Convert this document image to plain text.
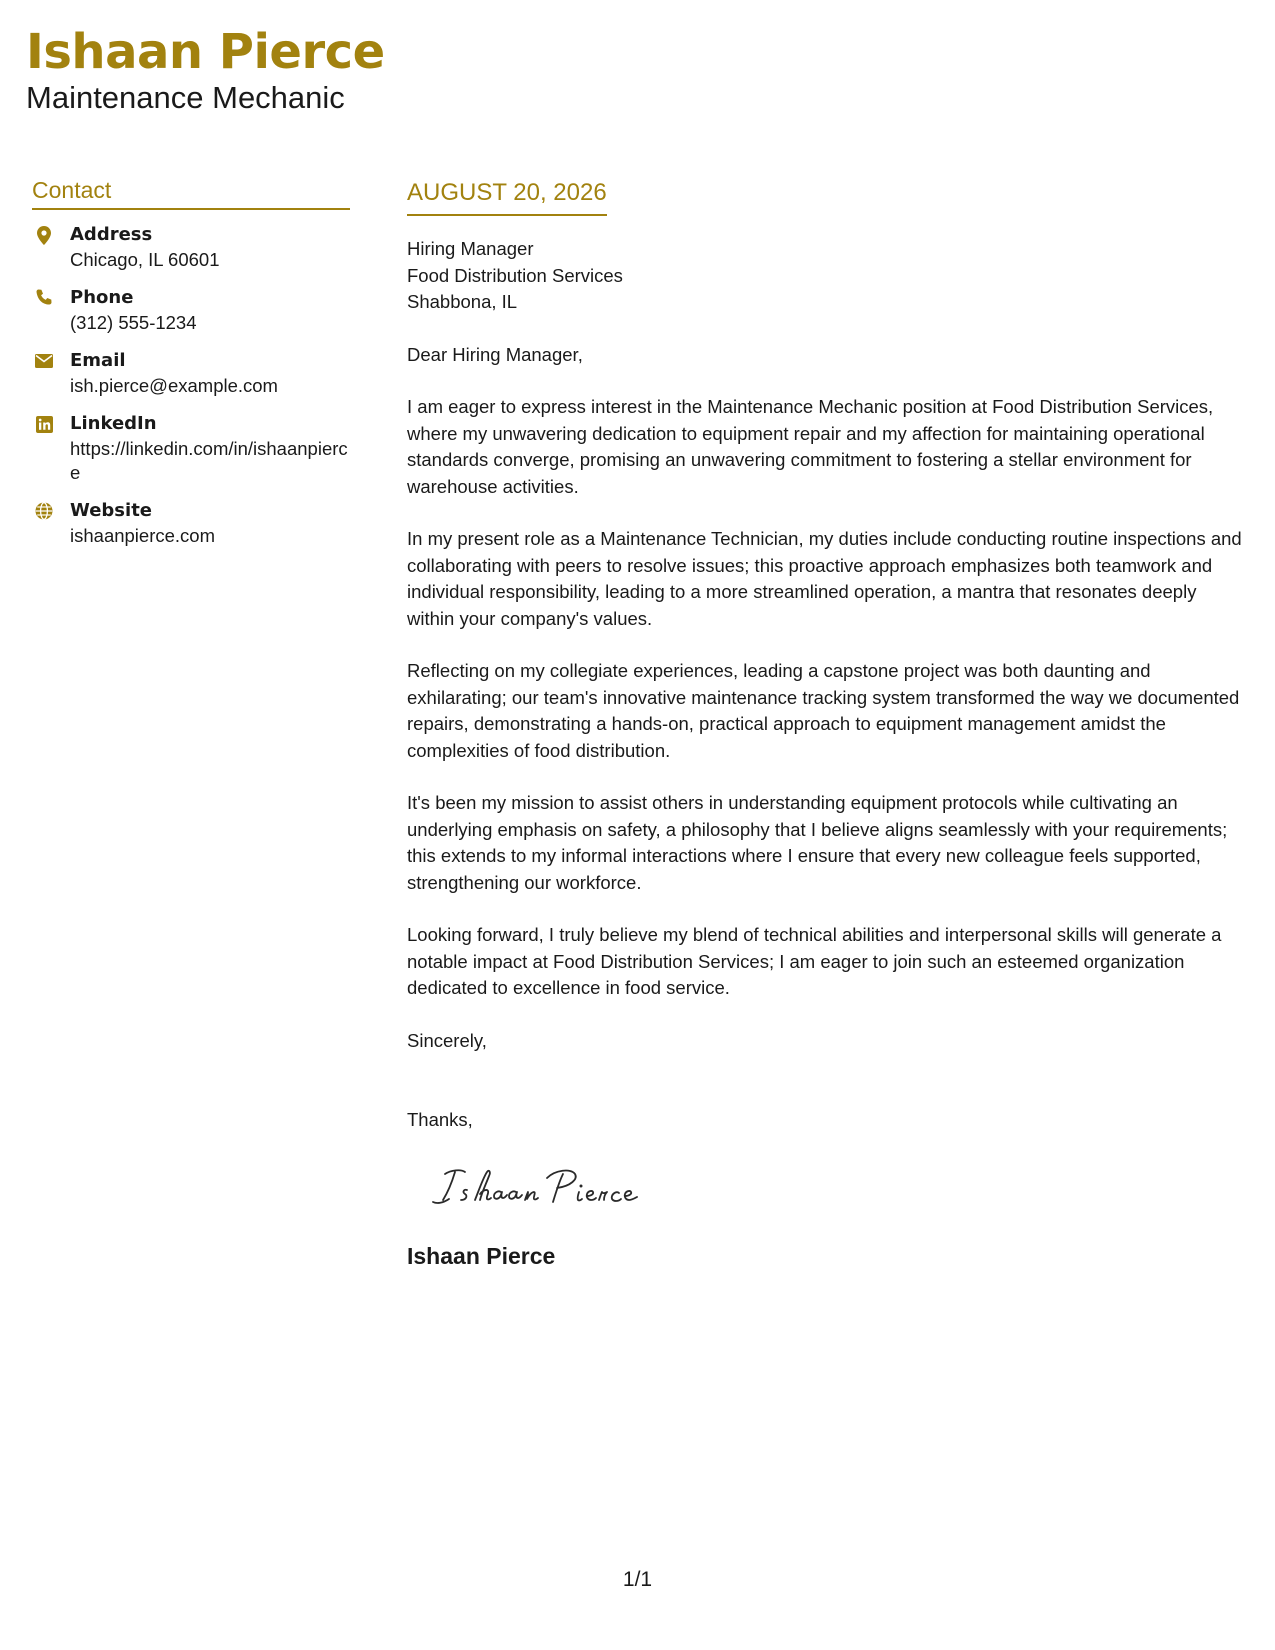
Ishaan Pierce
Maintenance Mechanic
Contact
Address
Chicago, IL 60601
Phone
(312) 555-1234
Email
ish.pierce@example.com
LinkedIn
https://linkedin.com/in/ishaanpierce
Website
ishaanpierce.com
AUGUST 20, 2026
Hiring Manager
Food Distribution Services
Shabbona, IL

Dear Hiring Manager,

I am eager to express interest in the Maintenance Mechanic position at Food Distribution Services, where my unwavering dedication to equipment repair and my affection for maintaining operational standards converge, promising an unwavering commitment to fostering a stellar environment for warehouse activities.

In my present role as a Maintenance Technician, my duties include conducting routine inspections and collaborating with peers to resolve issues; this proactive approach emphasizes both teamwork and individual responsibility, leading to a more streamlined operation, a mantra that resonates deeply within your company's values.

Reflecting on my collegiate experiences, leading a capstone project was both daunting and exhilarating; our team's innovative maintenance tracking system transformed the way we documented repairs, demonstrating a hands-on, practical approach to equipment management amidst the complexities of food distribution.

It's been my mission to assist others in understanding equipment protocols while cultivating an underlying emphasis on safety, a philosophy that I believe aligns seamlessly with your requirements; this extends to my informal interactions where I ensure that every new colleague feels supported, strengthening our workforce.

Looking forward, I truly believe my blend of technical abilities and interpersonal skills will generate a notable impact at Food Distribution Services; I am eager to join such an esteemed organization dedicated to excellence in food service.

Sincerely,

Thanks,

Ishaan Pierce
1/1
